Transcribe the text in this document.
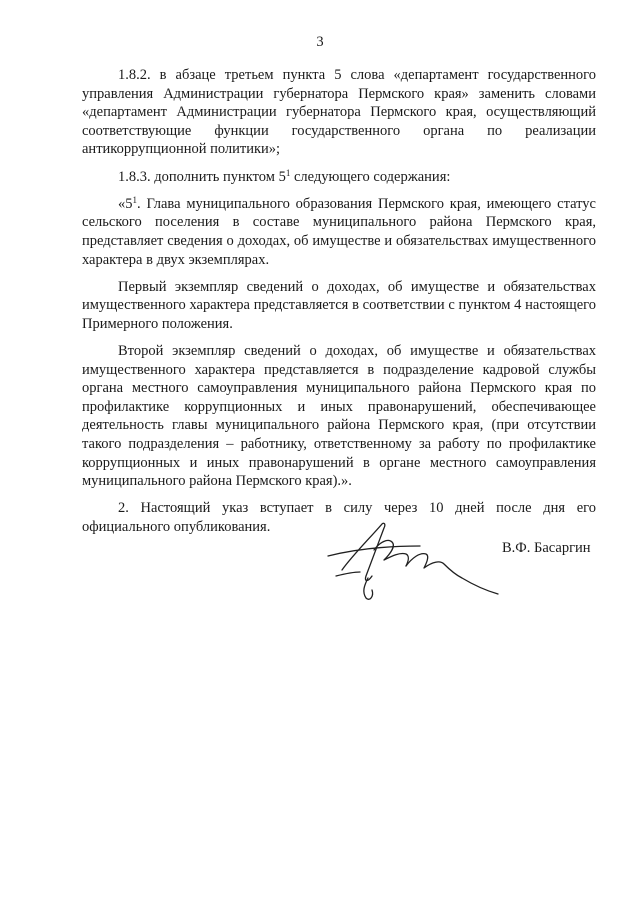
3

1.8.2. в абзаце третьем пункта 5 слова «департамент государственного управления Администрации губернатора Пермского края» заменить словами «департамент Администрации губернатора Пермского края, осуществляющий соответствующие функции государственного органа по реализации антикоррупционной политики»;

1.8.3. дополнить пунктом $5^1$ следующего содержания:

«$5^1$. Глава муниципального образования Пермского края, имеющего статус сельского поселения в составе муниципального района Пермского края, представляет сведения о доходах, об имуществе и обязательствах имущественного характера в двух экземплярах.

Первый экземпляр сведений о доходах, об имуществе и обязательствах имущественного характера представляется в соответствии с пунктом 4 настоящего Примерного положения.

Второй экземпляр сведений о доходах, об имуществе и обязательствах имущественного характера представляется в подразделение кадровой службы органа местного самоуправления муниципального района Пермского края по профилактике коррупционных и иных правонарушений, обеспечивающее деятельность главы муниципального района Пермского края, (при отсутствии такого подразделения – работнику, ответственному за работу по профилактике коррупционных и иных правонарушений в органе местного самоуправления муниципального района Пермского края).».

2. Настоящий указ вступает в силу через 10 дней после дня его официального опубликования.

В.Ф. Басаргин
